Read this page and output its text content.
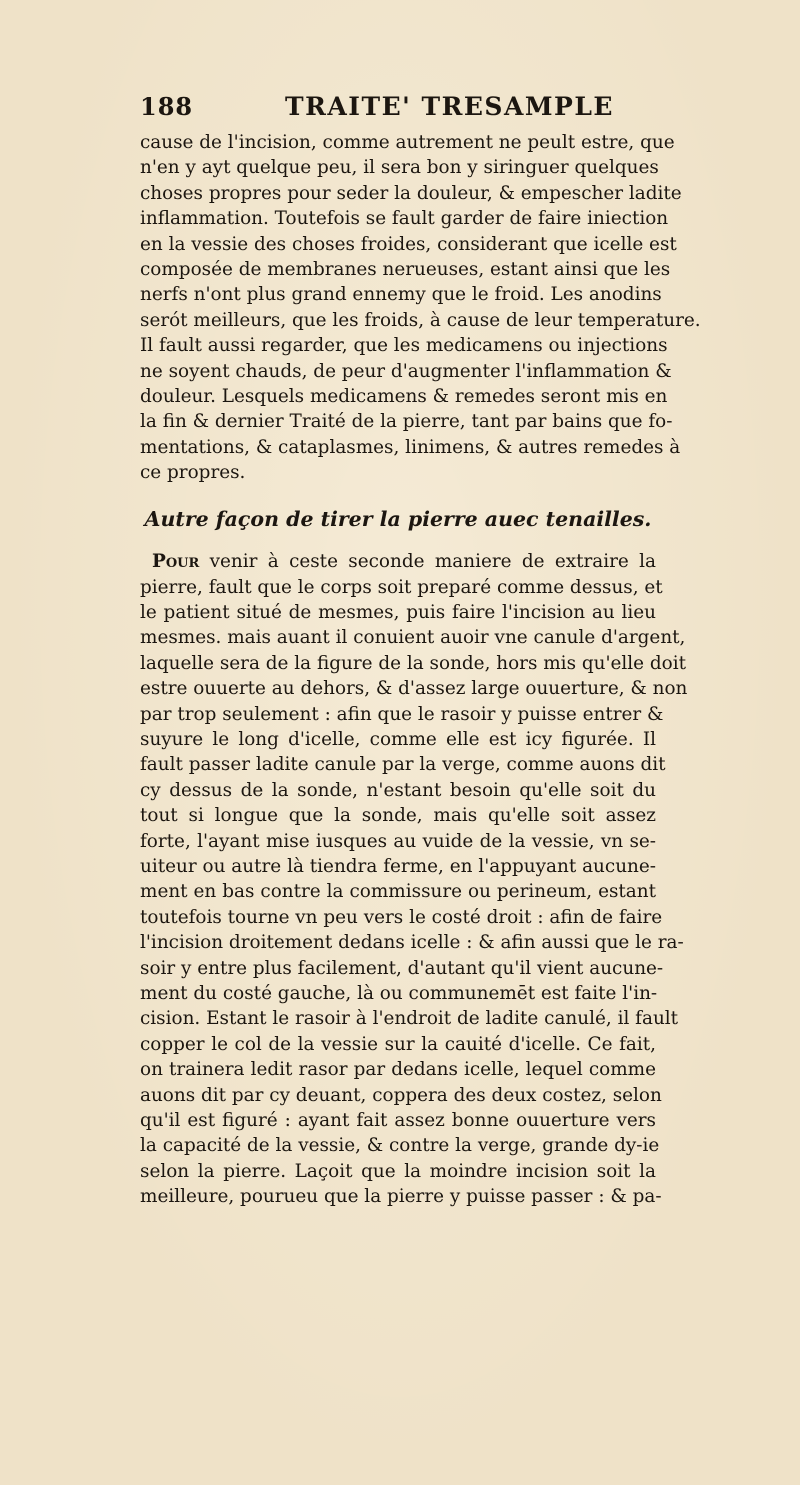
188	TRAITE' TRESAMPLE
cause de l'incision, comme autrement ne peult estre, que
n'en y ayt quelque peu, il sera bon y siringuer quelques
choses propres pour seder la douleur, & empescher ladite
inflammation. Toutefois se fault garder de faire iniection
en la vessie des choses froides, considerant que icelle est
composée de membranes nerueuses, estant ainsi que les
nerfs n'ont plus grand ennemy que le froid. Les anodins
serót meilleurs, que les froids, à cause de leur temperature.
Il fault aussi regarder, que les medicamens ou injections
ne soyent chauds, de peur d'augmenter l'inflammation &
douleur. Lesquels medicamens & remedes seront mis en
la fin & dernier Traité de la pierre, tant par bains que fo-
mentations, & cataplasmes, linimens, & autres remedes à
ce propres.
Autre façon de tirer la pierre auec tenailles.
Pour venir à ceste seconde maniere de extraire la
pierre, fault que le corps soit preparé comme dessus, et
le patient situé de mesmes, puis faire l'incision au lieu
mesmes. mais auant il conuient auoir vne canule d'argent,
laquelle sera de la figure de la sonde, hors mis qu'elle doit
estre ouuerte au dehors, & d'assez large ouuerture, & non
par trop seulement : afin que le rasoir y puisse entrer &
suyure le long d'icelle, comme elle est icy figurée. Il
fault passer ladite canule par la verge, comme auons dit
cy dessus de la sonde, n'estant besoin qu'elle soit du
tout si longue que la sonde, mais qu'elle soit assez
forte, l'ayant mise iusques au vuide de la vessie, vn se-
uiteur ou autre là tiendra ferme, en l'appuyant aucune-
ment en bas contre la commissure ou perineum, estant
toutefois tourne vn peu vers le costé droit : afin de faire
l'incision droitement dedans icelle : & afin aussi que le ra-
soir y entre plus facilement, d'autant qu'il vient aucune-
ment du costé gauche, là ou communemēt est faite l'in-
cision. Estant le rasoir à l'endroit de ladite canulé, il fault
copper le col de la vessie sur la cauité d'icelle. Ce fait,
on trainera ledit rasor par dedans icelle, lequel comme
auons dit par cy deuant, coppera des deux costez, selon
qu'il est figuré : ayant fait assez bonne ouuerture vers
la capacité de la vessie, & contre la verge, grande dy-ie
selon la pierre. Laçoit que la moindre incision soit la
meilleure, pourueu que la pierre y puisse passer : & pa-
